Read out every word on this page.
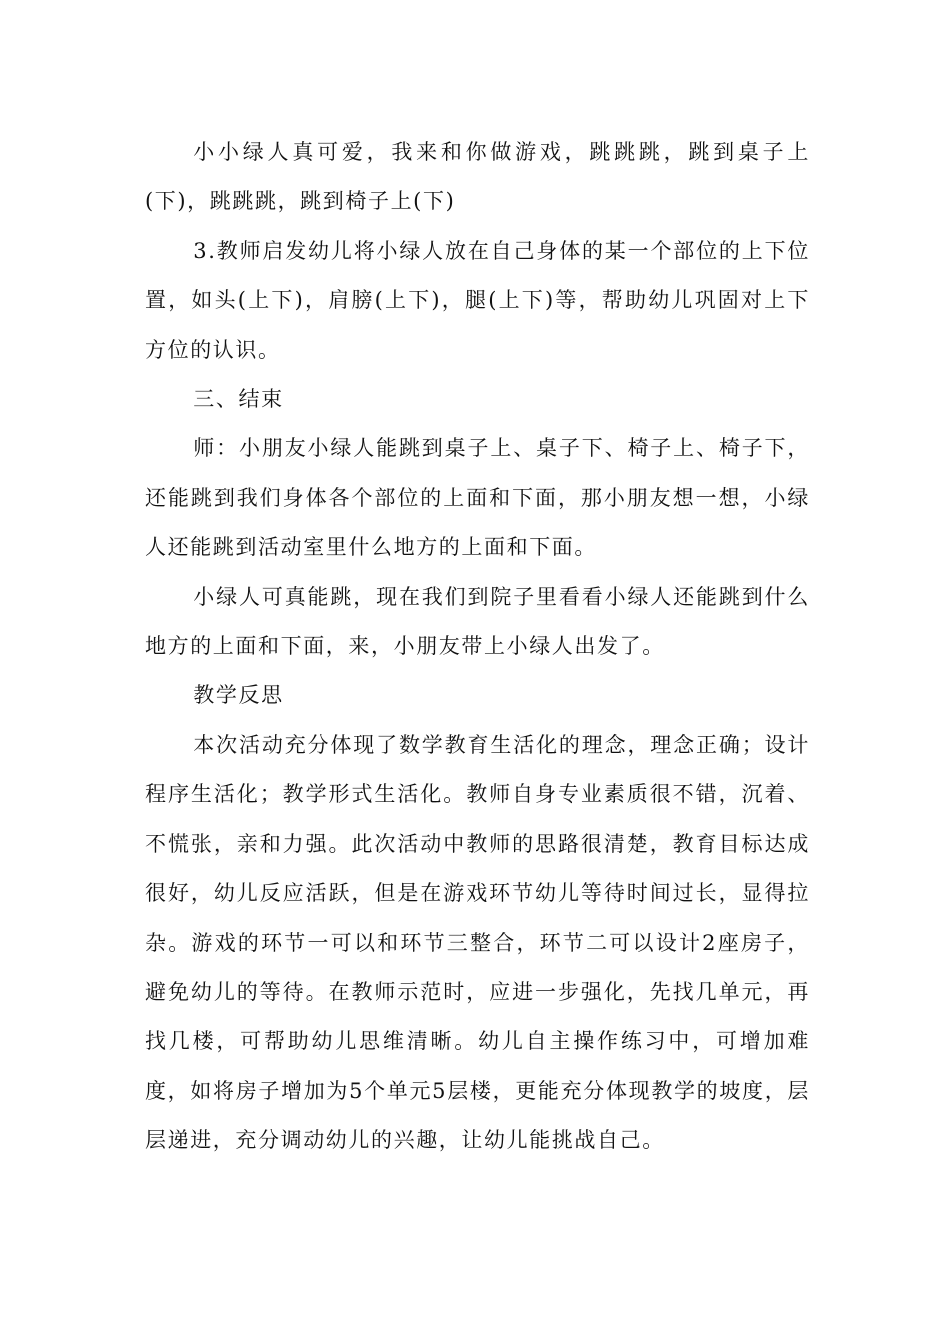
小小绿人真可爱，我来和你做游戏，跳跳跳，跳到桌子上(下)，跳跳跳，跳到椅子上(下)

3.教师启发幼儿将小绿人放在自己身体的某一个部位的上下位置，如头(上下)，肩膀(上下)，腿(上下)等，帮助幼儿巩固对上下方位的认识。

三、结束

师：小朋友小绿人能跳到桌子上、桌子下、椅子上、椅子下，还能跳到我们身体各个部位的上面和下面，那小朋友想一想，小绿人还能跳到活动室里什么地方的上面和下面。

小绿人可真能跳，现在我们到院子里看看小绿人还能跳到什么地方的上面和下面，来，小朋友带上小绿人出发了。

教学反思

本次活动充分体现了数学教育生活化的理念，理念正确；设计程序生活化；教学形式生活化。教师自身专业素质很不错，沉着、不慌张，亲和力强。此次活动中教师的思路很清楚，教育目标达成很好，幼儿反应活跃，但是在游戏环节幼儿等待时间过长，显得拉杂。游戏的环节一可以和环节三整合，环节二可以设计2座房子，避免幼儿的等待。在教师示范时，应进一步强化，先找几单元，再找几楼，可帮助幼儿思维清晰。幼儿自主操作练习中，可增加难度，如将房子增加为5个单元5层楼，更能充分体现教学的坡度，层层递进，充分调动幼儿的兴趣，让幼儿能挑战自己。
